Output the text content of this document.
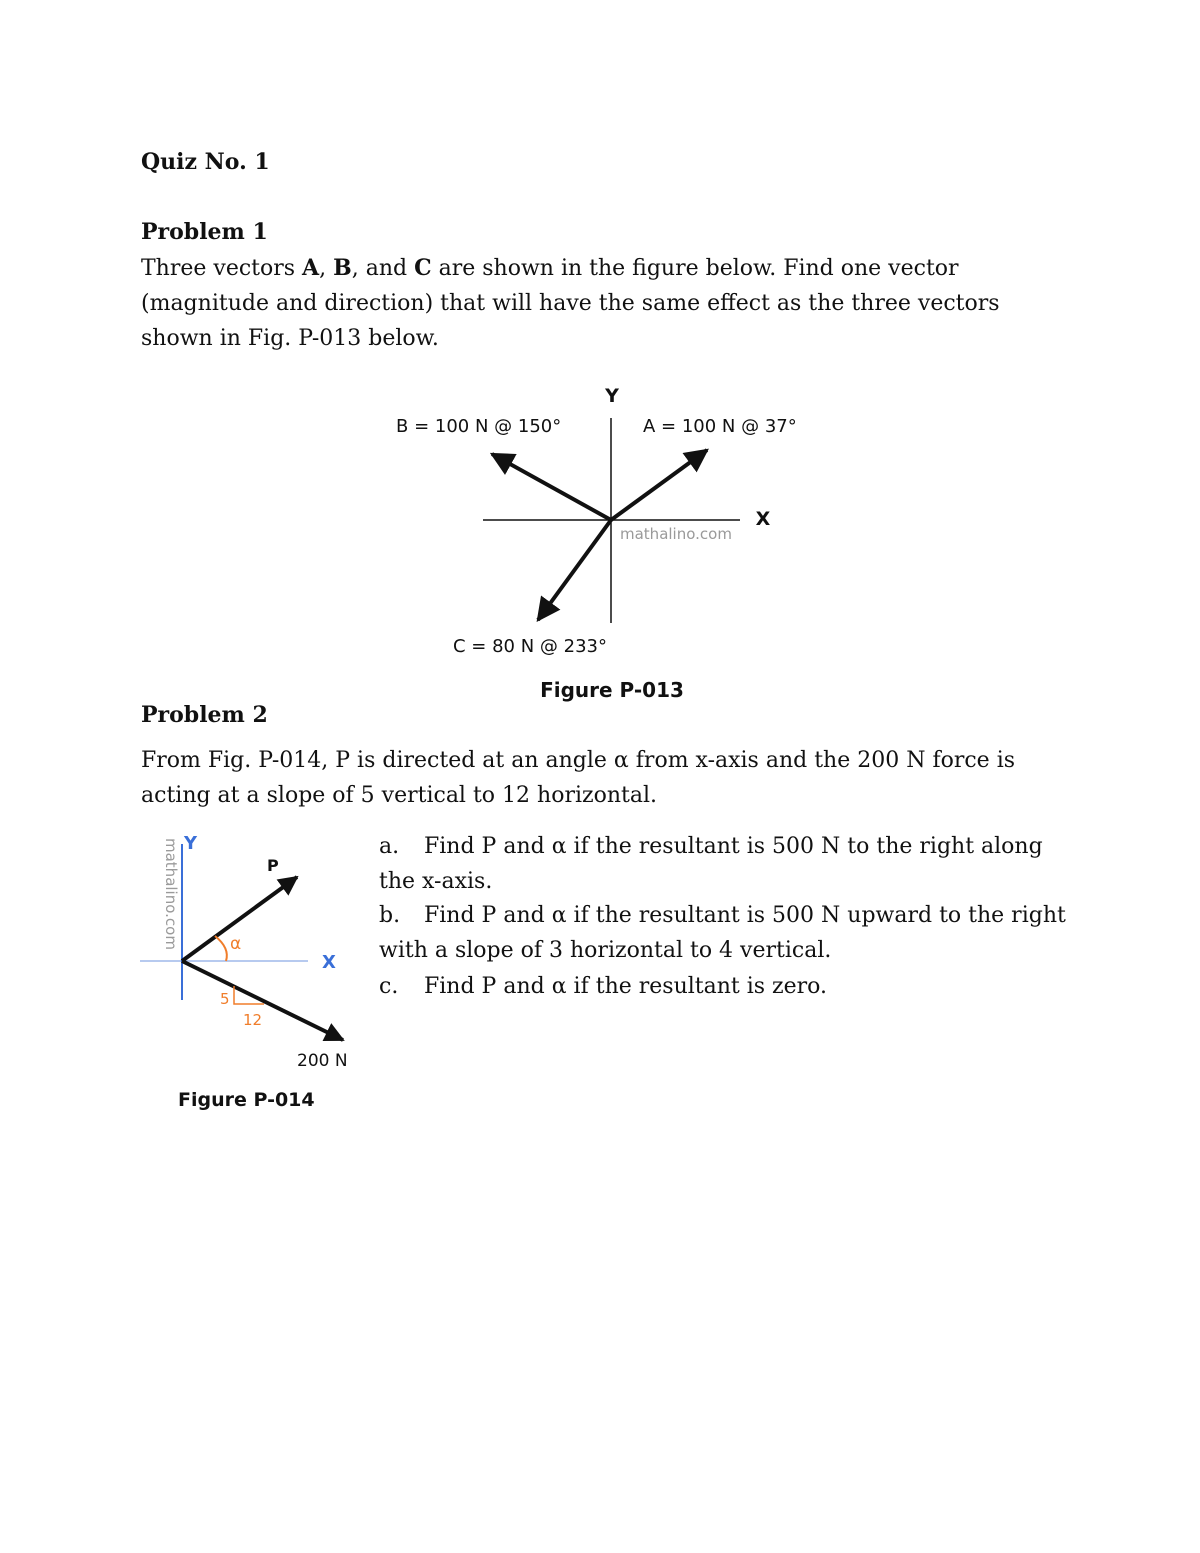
Quiz No. 1
Problem 1
Three vectors A, B, and C are shown in the figure below. Find one vector (magnitude and direction) that will have the same effect as the three vectors shown in Fig. P-013 below.
Y
X
A = 100 N @ 37°
B = 100 N @ 150°
C = 80 N @ 233°
mathalino.com
Figure P-013
Problem 2
From Fig. P-014, P is directed at an angle α from x-axis and the 200 N force is acting at a slope of 5 vertical to 12 horizontal.
mathalino.com Y
X
P
α
5
12
200 N
Figure P-014
a. Find P and α if the resultant is 500 N to the right along the x-axis.
b. Find P and α if the resultant is 500 N upward to the right with a slope of 3 horizontal to 4 vertical.
c. Find P and α if the resultant is zero.
